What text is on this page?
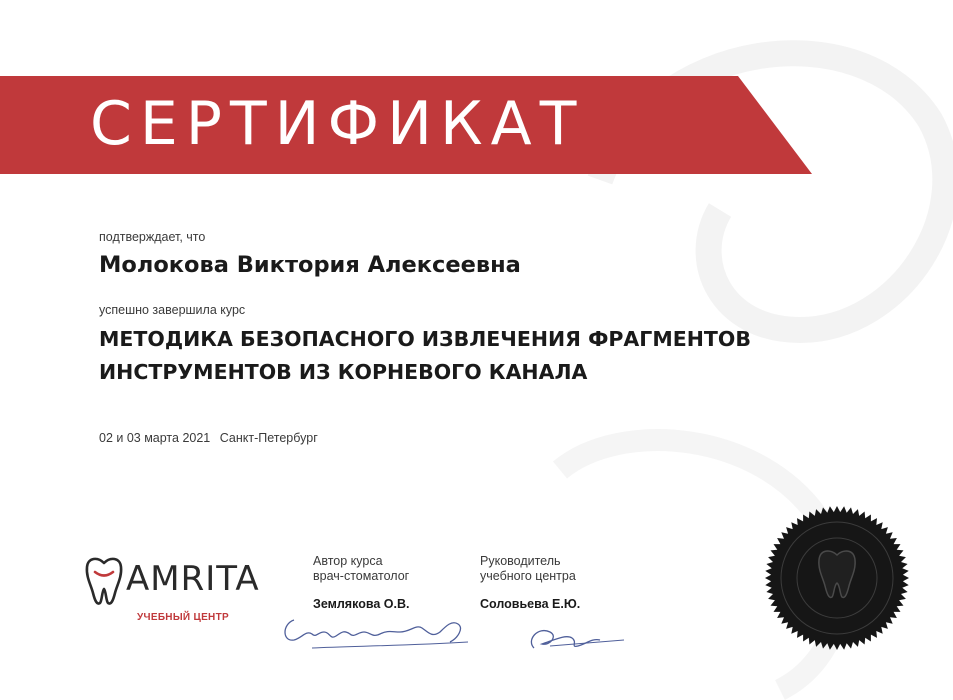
СЕРТИФИКАТ
подтверждает, что
Молокова Виктория Алексеевна
успешно завершила курс
МЕТОДИКА БЕЗОПАСНОГО ИЗВЛЕЧЕНИЯ ФРАГМЕНТОВ
ИНСТРУМЕНТОВ ИЗ КОРНЕВОГО КАНАЛА
02 и 03 марта 2021 Санкт-Петербург
AMRITA
УЧЕБНЫЙ ЦЕНТР
Автор курса
врач-стоматолог
Землякова О.В.
Руководитель
учебного центра
Соловьева Е.Ю.
